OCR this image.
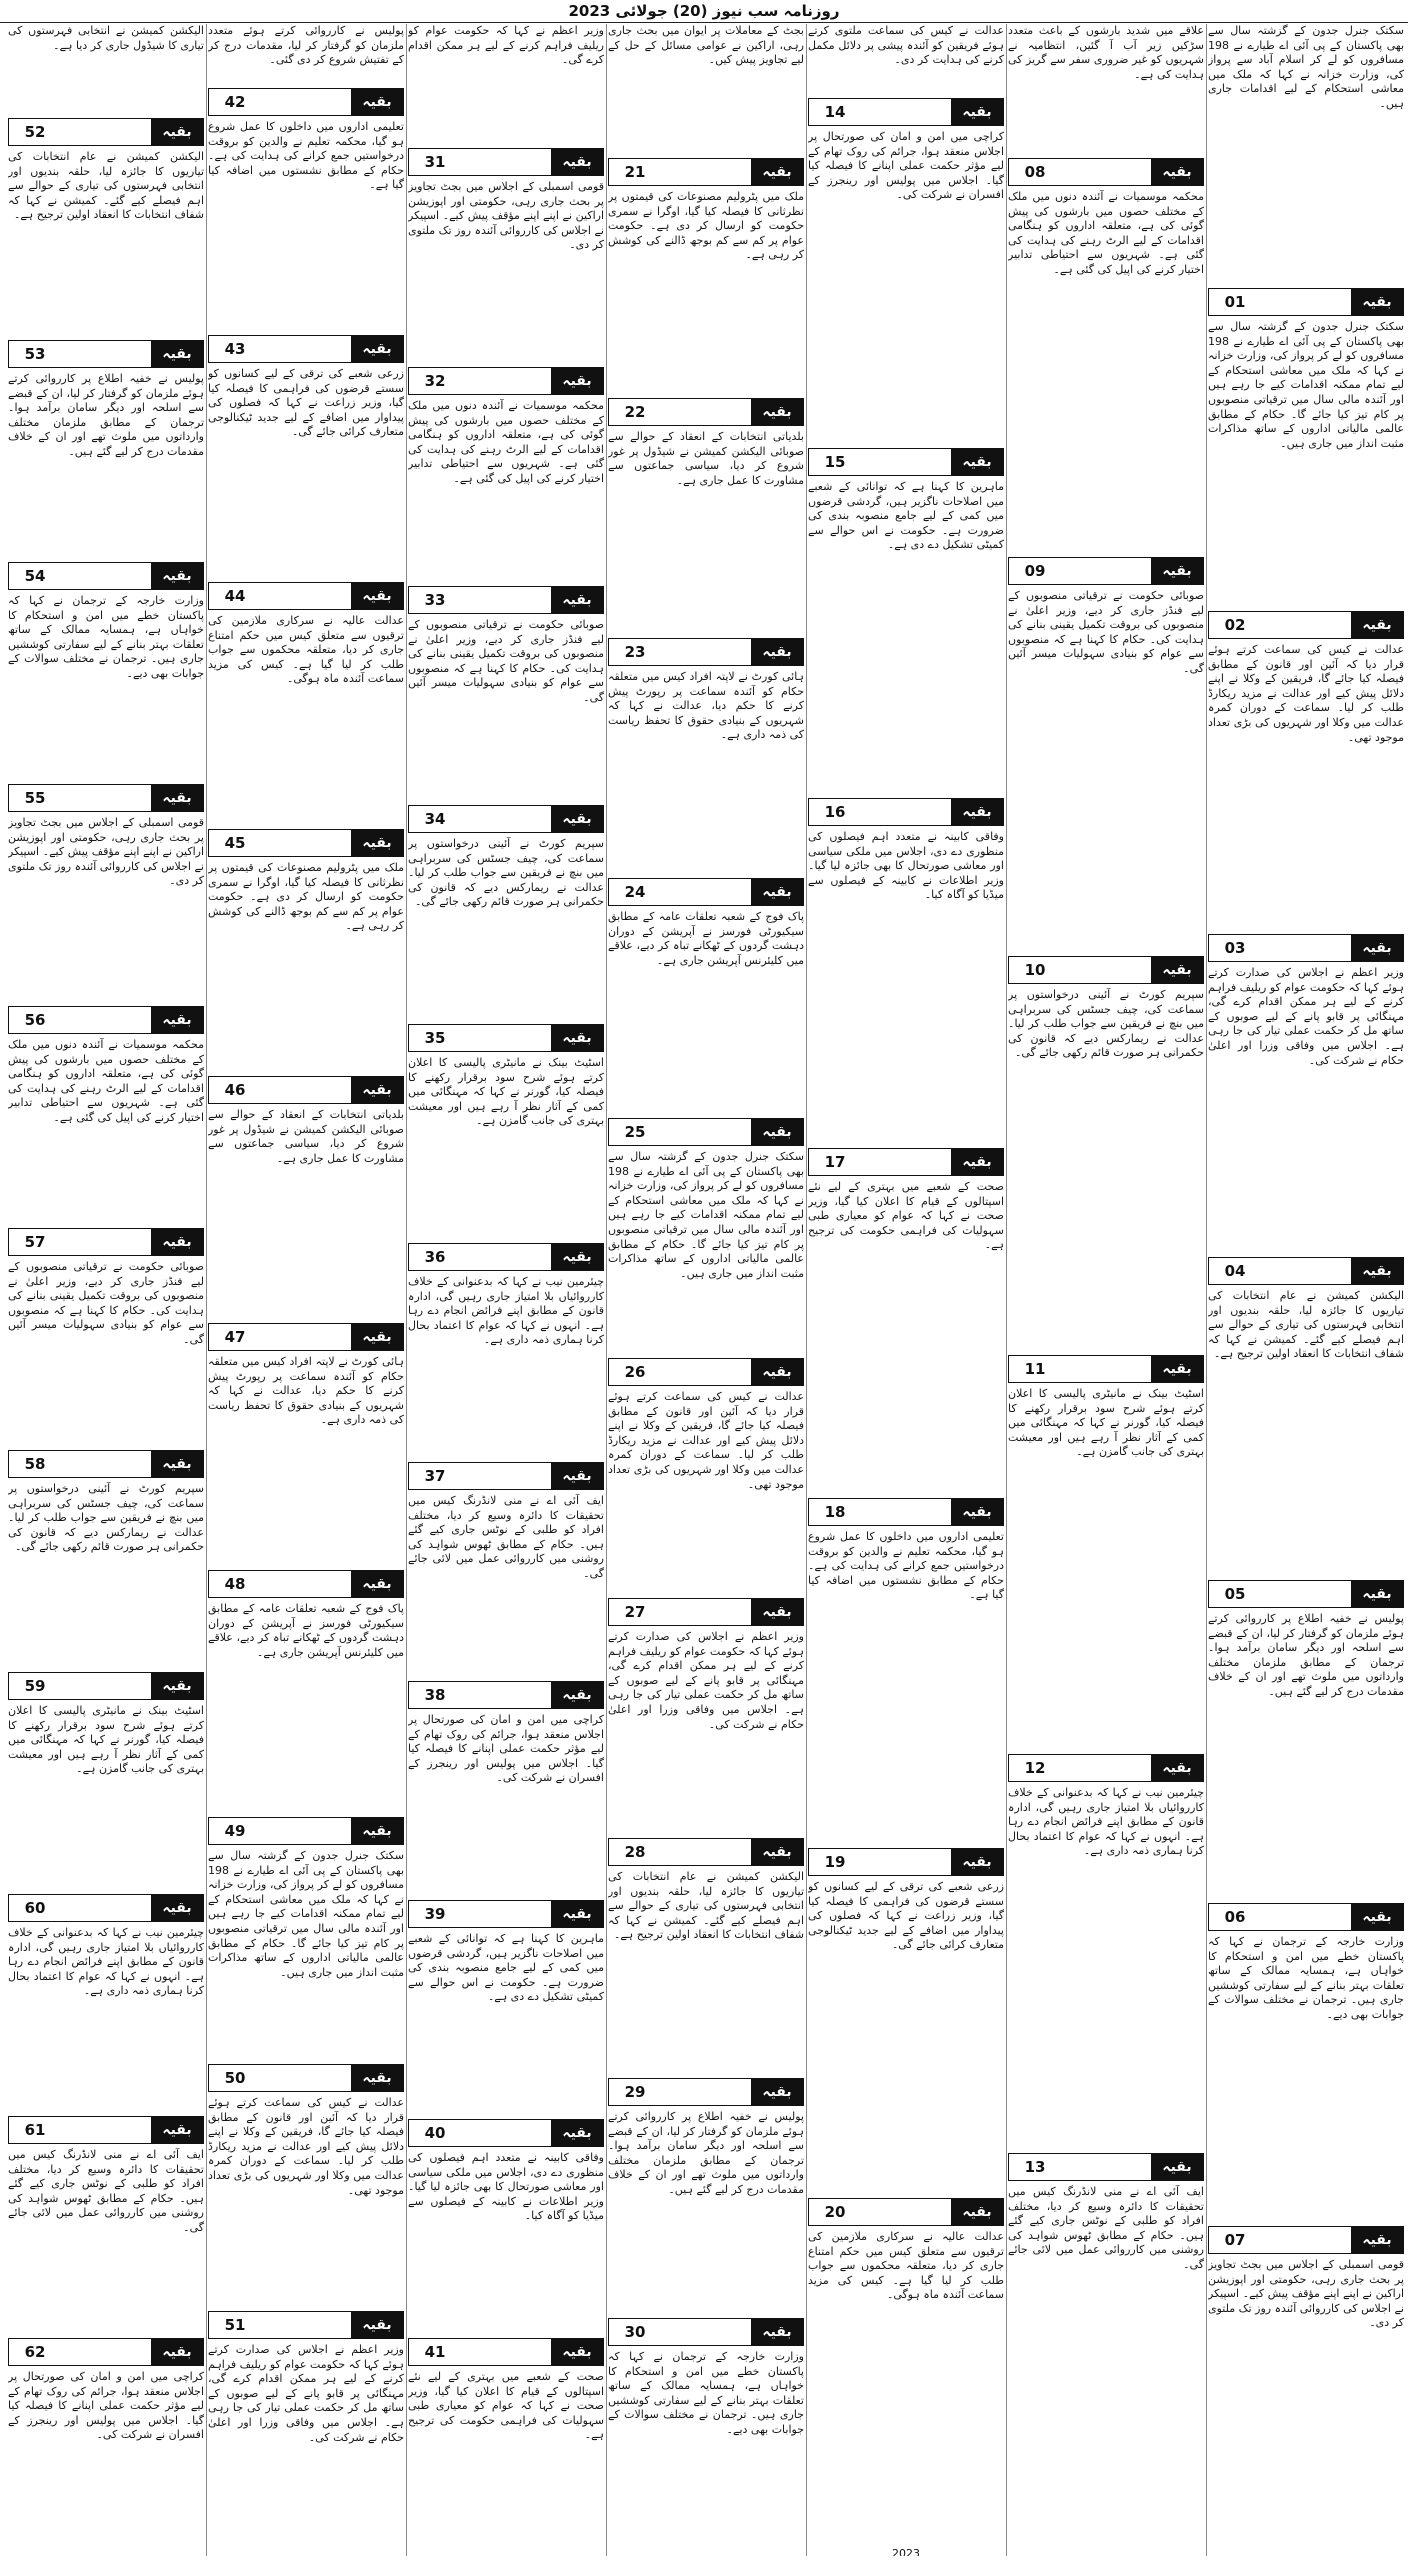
روزنامہ سب نیوز (20) جولائی 2023

سکتک جنرل جدون کے گزشتہ سال سے بھی پاکستان کے پی آئی اے طیارے نے 198 مسافروں کو لے کر اسلام آباد سے پرواز کی، وزارت خزانہ نے کہا کہ ملک میں معاشی استحکام کے لیے اقدامات جاری ہیں۔

01	بقیہ

سکتک جنرل جدون کے گزشتہ سال سے بھی پاکستان کے پی آئی اے طیارے نے 198 مسافروں کو لے کر پرواز کی، وزارت خزانہ نے کہا کہ ملک میں معاشی استحکام کے لیے تمام ممکنہ اقدامات کیے جا رہے ہیں اور آئندہ مالی سال میں ترقیاتی منصوبوں پر کام تیز کیا جائے گا۔ حکام کے مطابق عالمی مالیاتی اداروں کے ساتھ مذاکرات مثبت انداز میں جاری ہیں۔

02	بقیہ

عدالت نے کیس کی سماعت کرتے ہوئے قرار دیا کہ آئین اور قانون کے مطابق فیصلہ کیا جائے گا، فریقین کے وکلا نے اپنے دلائل پیش کیے اور عدالت نے مزید ریکارڈ طلب کر لیا۔ سماعت کے دوران کمرہ عدالت میں وکلا اور شہریوں کی بڑی تعداد موجود تھی۔

03	بقیہ

وزیر اعظم نے اجلاس کی صدارت کرتے ہوئے کہا کہ حکومت عوام کو ریلیف فراہم کرنے کے لیے ہر ممکن اقدام کرے گی، مہنگائی پر قابو پانے کے لیے صوبوں کے ساتھ مل کر حکمت عملی تیار کی جا رہی ہے۔ اجلاس میں وفاقی وزرا اور اعلیٰ حکام نے شرکت کی۔

04	بقیہ

الیکشن کمیشن نے عام انتخابات کی تیاریوں کا جائزہ لیا، حلقہ بندیوں اور انتخابی فہرستوں کی تیاری کے حوالے سے اہم فیصلے کیے گئے۔ کمیشن نے کہا کہ شفاف انتخابات کا انعقاد اولین ترجیح ہے۔

05	بقیہ

پولیس نے خفیہ اطلاع پر کارروائی کرتے ہوئے ملزمان کو گرفتار کر لیا، ان کے قبضے سے اسلحہ اور دیگر سامان برآمد ہوا۔ ترجمان کے مطابق ملزمان مختلف وارداتوں میں ملوث تھے اور ان کے خلاف مقدمات درج کر لیے گئے ہیں۔

06	بقیہ

وزارت خارجہ کے ترجمان نے کہا کہ پاکستان خطے میں امن و استحکام کا خواہاں ہے، ہمسایہ ممالک کے ساتھ تعلقات بہتر بنانے کے لیے سفارتی کوششیں جاری ہیں۔ ترجمان نے مختلف سوالات کے جوابات بھی دیے۔

07	بقیہ

قومی اسمبلی کے اجلاس میں بجٹ تجاویز پر بحث جاری رہی، حکومتی اور اپوزیشن اراکین نے اپنے اپنے مؤقف پیش کیے۔ اسپیکر نے اجلاس کی کارروائی آئندہ روز تک ملتوی کر دی۔

علاقے میں شدید بارشوں کے باعث متعدد سڑکیں زیر آب آ گئیں، انتظامیہ نے شہریوں کو غیر ضروری سفر سے گریز کی ہدایت کی ہے۔

08	بقیہ

محکمہ موسمیات نے آئندہ دنوں میں ملک کے مختلف حصوں میں بارشوں کی پیش گوئی کی ہے، متعلقہ اداروں کو ہنگامی اقدامات کے لیے الرٹ رہنے کی ہدایت کی گئی ہے۔ شہریوں سے احتیاطی تدابیر اختیار کرنے کی اپیل کی گئی ہے۔

09	بقیہ

صوبائی حکومت نے ترقیاتی منصوبوں کے لیے فنڈز جاری کر دیے، وزیر اعلیٰ نے منصوبوں کی بروقت تکمیل یقینی بنانے کی ہدایت کی۔ حکام کا کہنا ہے کہ منصوبوں سے عوام کو بنیادی سہولیات میسر آئیں گی۔

10	بقیہ

سپریم کورٹ نے آئینی درخواستوں پر سماعت کی، چیف جسٹس کی سربراہی میں بنچ نے فریقین سے جواب طلب کر لیا۔ عدالت نے ریمارکس دیے کہ قانون کی حکمرانی ہر صورت قائم رکھی جائے گی۔

11	بقیہ

اسٹیٹ بینک نے مانیٹری پالیسی کا اعلان کرتے ہوئے شرح سود برقرار رکھنے کا فیصلہ کیا، گورنر نے کہا کہ مہنگائی میں کمی کے آثار نظر آ رہے ہیں اور معیشت بہتری کی جانب گامزن ہے۔

12	بقیہ

چیئرمین نیب نے کہا کہ بدعنوانی کے خلاف کارروائیاں بلا امتیاز جاری رہیں گی، ادارہ قانون کے مطابق اپنے فرائض انجام دے رہا ہے۔ انہوں نے کہا کہ عوام کا اعتماد بحال کرنا ہماری ذمہ داری ہے۔

13	بقیہ

ایف آئی اے نے منی لانڈرنگ کیس میں تحقیقات کا دائرہ وسیع کر دیا، مختلف افراد کو طلبی کے نوٹس جاری کیے گئے ہیں۔ حکام کے مطابق ٹھوس شواہد کی روشنی میں کارروائی عمل میں لائی جائے گی۔

عدالت نے کیس کی سماعت ملتوی کرتے ہوئے فریقین کو آئندہ پیشی پر دلائل مکمل کرنے کی ہدایت کر دی۔

14	بقیہ

کراچی میں امن و امان کی صورتحال پر اجلاس منعقد ہوا، جرائم کی روک تھام کے لیے مؤثر حکمت عملی اپنانے کا فیصلہ کیا گیا۔ اجلاس میں پولیس اور رینجرز کے افسران نے شرکت کی۔

15	بقیہ

ماہرین کا کہنا ہے کہ توانائی کے شعبے میں اصلاحات ناگزیر ہیں، گردشی قرضوں میں کمی کے لیے جامع منصوبہ بندی کی ضرورت ہے۔ حکومت نے اس حوالے سے کمیٹی تشکیل دے دی ہے۔

16	بقیہ

وفاقی کابینہ نے متعدد اہم فیصلوں کی منظوری دے دی، اجلاس میں ملکی سیاسی اور معاشی صورتحال کا بھی جائزہ لیا گیا۔ وزیر اطلاعات نے کابینہ کے فیصلوں سے میڈیا کو آگاہ کیا۔

17	بقیہ

صحت کے شعبے میں بہتری کے لیے نئے اسپتالوں کے قیام کا اعلان کیا گیا، وزیر صحت نے کہا کہ عوام کو معیاری طبی سہولیات کی فراہمی حکومت کی ترجیح ہے۔

18	بقیہ

تعلیمی اداروں میں داخلوں کا عمل شروع ہو گیا، محکمہ تعلیم نے والدین کو بروقت درخواستیں جمع کرانے کی ہدایت کی ہے۔ حکام کے مطابق نشستوں میں اضافہ کیا گیا ہے۔

19	بقیہ

زرعی شعبے کی ترقی کے لیے کسانوں کو سستے قرضوں کی فراہمی کا فیصلہ کیا گیا، وزیر زراعت نے کہا کہ فصلوں کی پیداوار میں اضافے کے لیے جدید ٹیکنالوجی متعارف کرائی جائے گی۔

20	بقیہ

عدالت عالیہ نے سرکاری ملازمین کی ترقیوں سے متعلق کیس میں حکم امتناع جاری کر دیا، متعلقہ محکموں سے جواب طلب کر لیا گیا ہے۔ کیس کی مزید سماعت آئندہ ماہ ہوگی۔

2023

بجٹ کے معاملات پر ایوان میں بحث جاری رہی، اراکین نے عوامی مسائل کے حل کے لیے تجاویز پیش کیں۔

21	بقیہ

ملک میں پٹرولیم مصنوعات کی قیمتوں پر نظرثانی کا فیصلہ کیا گیا، اوگرا نے سمری حکومت کو ارسال کر دی ہے۔ حکومت عوام پر کم سے کم بوجھ ڈالنے کی کوشش کر رہی ہے۔

22	بقیہ

بلدیاتی انتخابات کے انعقاد کے حوالے سے صوبائی الیکشن کمیشن نے شیڈول پر غور شروع کر دیا، سیاسی جماعتوں سے مشاورت کا عمل جاری ہے۔

23	بقیہ

ہائی کورٹ نے لاپتہ افراد کیس میں متعلقہ حکام کو آئندہ سماعت پر رپورٹ پیش کرنے کا حکم دیا، عدالت نے کہا کہ شہریوں کے بنیادی حقوق کا تحفظ ریاست کی ذمہ داری ہے۔

24	بقیہ

پاک فوج کے شعبہ تعلقات عامہ کے مطابق سیکیورٹی فورسز نے آپریشن کے دوران دہشت گردوں کے ٹھکانے تباہ کر دیے، علاقے میں کلیئرنس آپریشن جاری ہے۔

25	بقیہ

سکتک جنرل جدون کے گزشتہ سال سے بھی پاکستان کے پی آئی اے طیارے نے 198 مسافروں کو لے کر پرواز کی، وزارت خزانہ نے کہا کہ ملک میں معاشی استحکام کے لیے تمام ممکنہ اقدامات کیے جا رہے ہیں اور آئندہ مالی سال میں ترقیاتی منصوبوں پر کام تیز کیا جائے گا۔ حکام کے مطابق عالمی مالیاتی اداروں کے ساتھ مذاکرات مثبت انداز میں جاری ہیں۔

26	بقیہ

عدالت نے کیس کی سماعت کرتے ہوئے قرار دیا کہ آئین اور قانون کے مطابق فیصلہ کیا جائے گا، فریقین کے وکلا نے اپنے دلائل پیش کیے اور عدالت نے مزید ریکارڈ طلب کر لیا۔ سماعت کے دوران کمرہ عدالت میں وکلا اور شہریوں کی بڑی تعداد موجود تھی۔

27	بقیہ

وزیر اعظم نے اجلاس کی صدارت کرتے ہوئے کہا کہ حکومت عوام کو ریلیف فراہم کرنے کے لیے ہر ممکن اقدام کرے گی، مہنگائی پر قابو پانے کے لیے صوبوں کے ساتھ مل کر حکمت عملی تیار کی جا رہی ہے۔ اجلاس میں وفاقی وزرا اور اعلیٰ حکام نے شرکت کی۔

28	بقیہ

الیکشن کمیشن نے عام انتخابات کی تیاریوں کا جائزہ لیا، حلقہ بندیوں اور انتخابی فہرستوں کی تیاری کے حوالے سے اہم فیصلے کیے گئے۔ کمیشن نے کہا کہ شفاف انتخابات کا انعقاد اولین ترجیح ہے۔

29	بقیہ

پولیس نے خفیہ اطلاع پر کارروائی کرتے ہوئے ملزمان کو گرفتار کر لیا، ان کے قبضے سے اسلحہ اور دیگر سامان برآمد ہوا۔ ترجمان کے مطابق ملزمان مختلف وارداتوں میں ملوث تھے اور ان کے خلاف مقدمات درج کر لیے گئے ہیں۔

30	بقیہ

وزارت خارجہ کے ترجمان نے کہا کہ پاکستان خطے میں امن و استحکام کا خواہاں ہے، ہمسایہ ممالک کے ساتھ تعلقات بہتر بنانے کے لیے سفارتی کوششیں جاری ہیں۔ ترجمان نے مختلف سوالات کے جوابات بھی دیے۔

وزیر اعظم نے کہا کہ حکومت عوام کو ریلیف فراہم کرنے کے لیے ہر ممکن اقدام کرے گی۔

31	بقیہ

قومی اسمبلی کے اجلاس میں بجٹ تجاویز پر بحث جاری رہی، حکومتی اور اپوزیشن اراکین نے اپنے اپنے مؤقف پیش کیے۔ اسپیکر نے اجلاس کی کارروائی آئندہ روز تک ملتوی کر دی۔

32	بقیہ

محکمہ موسمیات نے آئندہ دنوں میں ملک کے مختلف حصوں میں بارشوں کی پیش گوئی کی ہے، متعلقہ اداروں کو ہنگامی اقدامات کے لیے الرٹ رہنے کی ہدایت کی گئی ہے۔ شہریوں سے احتیاطی تدابیر اختیار کرنے کی اپیل کی گئی ہے۔

33	بقیہ

صوبائی حکومت نے ترقیاتی منصوبوں کے لیے فنڈز جاری کر دیے، وزیر اعلیٰ نے منصوبوں کی بروقت تکمیل یقینی بنانے کی ہدایت کی۔ حکام کا کہنا ہے کہ منصوبوں سے عوام کو بنیادی سہولیات میسر آئیں گی۔

34	بقیہ

سپریم کورٹ نے آئینی درخواستوں پر سماعت کی، چیف جسٹس کی سربراہی میں بنچ نے فریقین سے جواب طلب کر لیا۔ عدالت نے ریمارکس دیے کہ قانون کی حکمرانی ہر صورت قائم رکھی جائے گی۔

35	بقیہ

اسٹیٹ بینک نے مانیٹری پالیسی کا اعلان کرتے ہوئے شرح سود برقرار رکھنے کا فیصلہ کیا، گورنر نے کہا کہ مہنگائی میں کمی کے آثار نظر آ رہے ہیں اور معیشت بہتری کی جانب گامزن ہے۔

36	بقیہ

چیئرمین نیب نے کہا کہ بدعنوانی کے خلاف کارروائیاں بلا امتیاز جاری رہیں گی، ادارہ قانون کے مطابق اپنے فرائض انجام دے رہا ہے۔ انہوں نے کہا کہ عوام کا اعتماد بحال کرنا ہماری ذمہ داری ہے۔

37	بقیہ

ایف آئی اے نے منی لانڈرنگ کیس میں تحقیقات کا دائرہ وسیع کر دیا، مختلف افراد کو طلبی کے نوٹس جاری کیے گئے ہیں۔ حکام کے مطابق ٹھوس شواہد کی روشنی میں کارروائی عمل میں لائی جائے گی۔

38	بقیہ

کراچی میں امن و امان کی صورتحال پر اجلاس منعقد ہوا، جرائم کی روک تھام کے لیے مؤثر حکمت عملی اپنانے کا فیصلہ کیا گیا۔ اجلاس میں پولیس اور رینجرز کے افسران نے شرکت کی۔

39	بقیہ

ماہرین کا کہنا ہے کہ توانائی کے شعبے میں اصلاحات ناگزیر ہیں، گردشی قرضوں میں کمی کے لیے جامع منصوبہ بندی کی ضرورت ہے۔ حکومت نے اس حوالے سے کمیٹی تشکیل دے دی ہے۔

40	بقیہ

وفاقی کابینہ نے متعدد اہم فیصلوں کی منظوری دے دی، اجلاس میں ملکی سیاسی اور معاشی صورتحال کا بھی جائزہ لیا گیا۔ وزیر اطلاعات نے کابینہ کے فیصلوں سے میڈیا کو آگاہ کیا۔

41	بقیہ

صحت کے شعبے میں بہتری کے لیے نئے اسپتالوں کے قیام کا اعلان کیا گیا، وزیر صحت نے کہا کہ عوام کو معیاری طبی سہولیات کی فراہمی حکومت کی ترجیح ہے۔

پولیس نے کارروائی کرتے ہوئے متعدد ملزمان کو گرفتار کر لیا، مقدمات درج کر کے تفتیش شروع کر دی گئی۔

42	بقیہ

تعلیمی اداروں میں داخلوں کا عمل شروع ہو گیا، محکمہ تعلیم نے والدین کو بروقت درخواستیں جمع کرانے کی ہدایت کی ہے۔ حکام کے مطابق نشستوں میں اضافہ کیا گیا ہے۔

43	بقیہ

زرعی شعبے کی ترقی کے لیے کسانوں کو سستے قرضوں کی فراہمی کا فیصلہ کیا گیا، وزیر زراعت نے کہا کہ فصلوں کی پیداوار میں اضافے کے لیے جدید ٹیکنالوجی متعارف کرائی جائے گی۔

44	بقیہ

عدالت عالیہ نے سرکاری ملازمین کی ترقیوں سے متعلق کیس میں حکم امتناع جاری کر دیا، متعلقہ محکموں سے جواب طلب کر لیا گیا ہے۔ کیس کی مزید سماعت آئندہ ماہ ہوگی۔

45	بقیہ

ملک میں پٹرولیم مصنوعات کی قیمتوں پر نظرثانی کا فیصلہ کیا گیا، اوگرا نے سمری حکومت کو ارسال کر دی ہے۔ حکومت عوام پر کم سے کم بوجھ ڈالنے کی کوشش کر رہی ہے۔

46	بقیہ

بلدیاتی انتخابات کے انعقاد کے حوالے سے صوبائی الیکشن کمیشن نے شیڈول پر غور شروع کر دیا، سیاسی جماعتوں سے مشاورت کا عمل جاری ہے۔

47	بقیہ

ہائی کورٹ نے لاپتہ افراد کیس میں متعلقہ حکام کو آئندہ سماعت پر رپورٹ پیش کرنے کا حکم دیا، عدالت نے کہا کہ شہریوں کے بنیادی حقوق کا تحفظ ریاست کی ذمہ داری ہے۔

48	بقیہ

پاک فوج کے شعبہ تعلقات عامہ کے مطابق سیکیورٹی فورسز نے آپریشن کے دوران دہشت گردوں کے ٹھکانے تباہ کر دیے، علاقے میں کلیئرنس آپریشن جاری ہے۔

49	بقیہ

سکتک جنرل جدون کے گزشتہ سال سے بھی پاکستان کے پی آئی اے طیارے نے 198 مسافروں کو لے کر پرواز کی، وزارت خزانہ نے کہا کہ ملک میں معاشی استحکام کے لیے تمام ممکنہ اقدامات کیے جا رہے ہیں اور آئندہ مالی سال میں ترقیاتی منصوبوں پر کام تیز کیا جائے گا۔ حکام کے مطابق عالمی مالیاتی اداروں کے ساتھ مذاکرات مثبت انداز میں جاری ہیں۔

50	بقیہ

عدالت نے کیس کی سماعت کرتے ہوئے قرار دیا کہ آئین اور قانون کے مطابق فیصلہ کیا جائے گا، فریقین کے وکلا نے اپنے دلائل پیش کیے اور عدالت نے مزید ریکارڈ طلب کر لیا۔ سماعت کے دوران کمرہ عدالت میں وکلا اور شہریوں کی بڑی تعداد موجود تھی۔

51	بقیہ

وزیر اعظم نے اجلاس کی صدارت کرتے ہوئے کہا کہ حکومت عوام کو ریلیف فراہم کرنے کے لیے ہر ممکن اقدام کرے گی، مہنگائی پر قابو پانے کے لیے صوبوں کے ساتھ مل کر حکمت عملی تیار کی جا رہی ہے۔ اجلاس میں وفاقی وزرا اور اعلیٰ حکام نے شرکت کی۔

الیکشن کمیشن نے انتخابی فہرستوں کی تیاری کا شیڈول جاری کر دیا ہے۔

52	بقیہ

الیکشن کمیشن نے عام انتخابات کی تیاریوں کا جائزہ لیا، حلقہ بندیوں اور انتخابی فہرستوں کی تیاری کے حوالے سے اہم فیصلے کیے گئے۔ کمیشن نے کہا کہ شفاف انتخابات کا انعقاد اولین ترجیح ہے۔

53	بقیہ

پولیس نے خفیہ اطلاع پر کارروائی کرتے ہوئے ملزمان کو گرفتار کر لیا، ان کے قبضے سے اسلحہ اور دیگر سامان برآمد ہوا۔ ترجمان کے مطابق ملزمان مختلف وارداتوں میں ملوث تھے اور ان کے خلاف مقدمات درج کر لیے گئے ہیں۔

54	بقیہ

وزارت خارجہ کے ترجمان نے کہا کہ پاکستان خطے میں امن و استحکام کا خواہاں ہے، ہمسایہ ممالک کے ساتھ تعلقات بہتر بنانے کے لیے سفارتی کوششیں جاری ہیں۔ ترجمان نے مختلف سوالات کے جوابات بھی دیے۔

55	بقیہ

قومی اسمبلی کے اجلاس میں بجٹ تجاویز پر بحث جاری رہی، حکومتی اور اپوزیشن اراکین نے اپنے اپنے مؤقف پیش کیے۔ اسپیکر نے اجلاس کی کارروائی آئندہ روز تک ملتوی کر دی۔

56	بقیہ

محکمہ موسمیات نے آئندہ دنوں میں ملک کے مختلف حصوں میں بارشوں کی پیش گوئی کی ہے، متعلقہ اداروں کو ہنگامی اقدامات کے لیے الرٹ رہنے کی ہدایت کی گئی ہے۔ شہریوں سے احتیاطی تدابیر اختیار کرنے کی اپیل کی گئی ہے۔

57	بقیہ

صوبائی حکومت نے ترقیاتی منصوبوں کے لیے فنڈز جاری کر دیے، وزیر اعلیٰ نے منصوبوں کی بروقت تکمیل یقینی بنانے کی ہدایت کی۔ حکام کا کہنا ہے کہ منصوبوں سے عوام کو بنیادی سہولیات میسر آئیں گی۔

58	بقیہ

سپریم کورٹ نے آئینی درخواستوں پر سماعت کی، چیف جسٹس کی سربراہی میں بنچ نے فریقین سے جواب طلب کر لیا۔ عدالت نے ریمارکس دیے کہ قانون کی حکمرانی ہر صورت قائم رکھی جائے گی۔

59	بقیہ

اسٹیٹ بینک نے مانیٹری پالیسی کا اعلان کرتے ہوئے شرح سود برقرار رکھنے کا فیصلہ کیا، گورنر نے کہا کہ مہنگائی میں کمی کے آثار نظر آ رہے ہیں اور معیشت بہتری کی جانب گامزن ہے۔

60	بقیہ

چیئرمین نیب نے کہا کہ بدعنوانی کے خلاف کارروائیاں بلا امتیاز جاری رہیں گی، ادارہ قانون کے مطابق اپنے فرائض انجام دے رہا ہے۔ انہوں نے کہا کہ عوام کا اعتماد بحال کرنا ہماری ذمہ داری ہے۔

61	بقیہ

ایف آئی اے نے منی لانڈرنگ کیس میں تحقیقات کا دائرہ وسیع کر دیا، مختلف افراد کو طلبی کے نوٹس جاری کیے گئے ہیں۔ حکام کے مطابق ٹھوس شواہد کی روشنی میں کارروائی عمل میں لائی جائے گی۔

62	بقیہ

کراچی میں امن و امان کی صورتحال پر اجلاس منعقد ہوا، جرائم کی روک تھام کے لیے مؤثر حکمت عملی اپنانے کا فیصلہ کیا گیا۔ اجلاس میں پولیس اور رینجرز کے افسران نے شرکت کی۔
